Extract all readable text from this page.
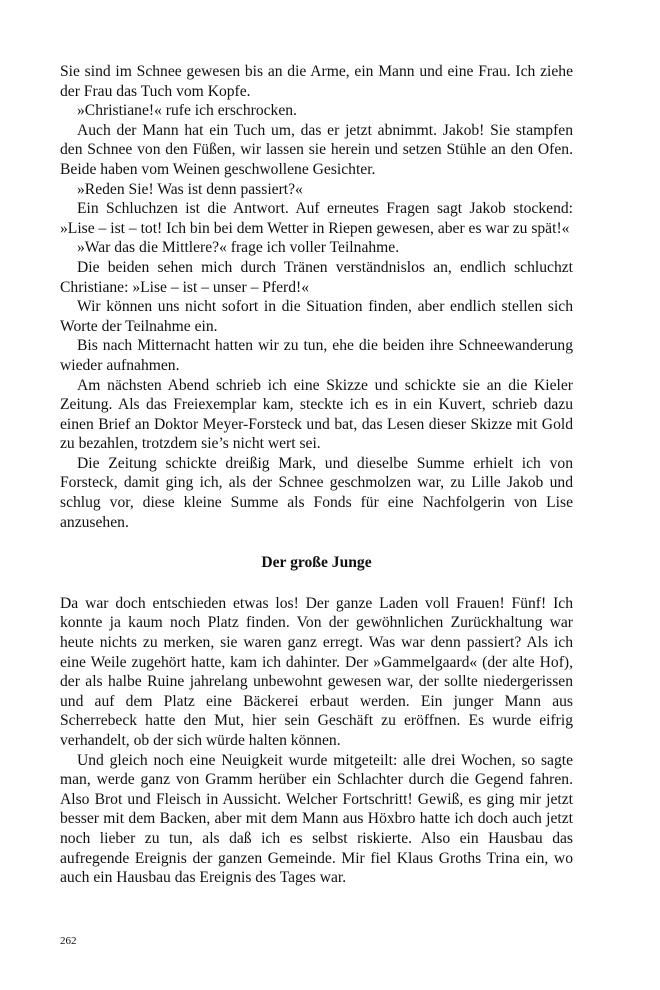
Sie sind im Schnee gewesen bis an die Arme, ein Mann und eine Frau. Ich ziehe der Frau das Tuch vom Kopfe.

»Christiane!« rufe ich erschrocken.

Auch der Mann hat ein Tuch um, das er jetzt abnimmt. Jakob! Sie stampfen den Schnee von den Füßen, wir lassen sie herein und setzen Stühle an den Ofen. Beide haben vom Weinen geschwollene Gesichter.

»Reden Sie! Was ist denn passiert?«

Ein Schluchzen ist die Antwort. Auf erneutes Fragen sagt Jakob stockend: »Lise – ist – tot! Ich bin bei dem Wetter in Riepen gewesen, aber es war zu spät!«

»War das die Mittlere?« frage ich voller Teilnahme.

Die beiden sehen mich durch Tränen verständnislos an, endlich schluchzt Christiane: »Lise – ist – unser – Pferd!«

Wir können uns nicht sofort in die Situation finden, aber endlich stellen sich Worte der Teilnahme ein.

Bis nach Mitternacht hatten wir zu tun, ehe die beiden ihre Schneewanderung wieder aufnahmen.

Am nächsten Abend schrieb ich eine Skizze und schickte sie an die Kieler Zeitung. Als das Freiexemplar kam, steckte ich es in ein Kuvert, schrieb dazu einen Brief an Doktor Meyer-Forsteck und bat, das Lesen dieser Skizze mit Gold zu bezahlen, trotzdem sie’s nicht wert sei.

Die Zeitung schickte dreißig Mark, und dieselbe Summe erhielt ich von Forsteck, damit ging ich, als der Schnee geschmolzen war, zu Lille Jakob und schlug vor, diese kleine Summe als Fonds für eine Nachfolgerin von Lise anzusehen.

Der große Junge

Da war doch entschieden etwas los! Der ganze Laden voll Frauen! Fünf! Ich konnte ja kaum noch Platz finden. Von der gewöhnlichen Zurückhaltung war heute nichts zu merken, sie waren ganz erregt. Was war denn passiert? Als ich eine Weile zugehört hatte, kam ich dahinter. Der »Gammelgaard« (der alte Hof), der als halbe Ruine jahrelang unbewohnt gewesen war, der sollte niedergerissen und auf dem Platz eine Bäckerei erbaut werden. Ein junger Mann aus Scherrebeck hatte den Mut, hier sein Geschäft zu eröffnen. Es wurde eifrig verhandelt, ob der sich würde halten können.

Und gleich noch eine Neuigkeit wurde mitgeteilt: alle drei Wochen, so sagte man, werde ganz von Gramm herüber ein Schlachter durch die Gegend fahren. Also Brot und Fleisch in Aussicht. Welcher Fortschritt! Gewiß, es ging mir jetzt besser mit dem Backen, aber mit dem Mann aus Höxbro hatte ich doch auch jetzt noch lieber zu tun, als daß ich es selbst riskierte. Also ein Hausbau das aufregende Ereignis der ganzen Gemeinde. Mir fiel Klaus Groths Trina ein, wo auch ein Hausbau das Ereignis des Tages war.

262
